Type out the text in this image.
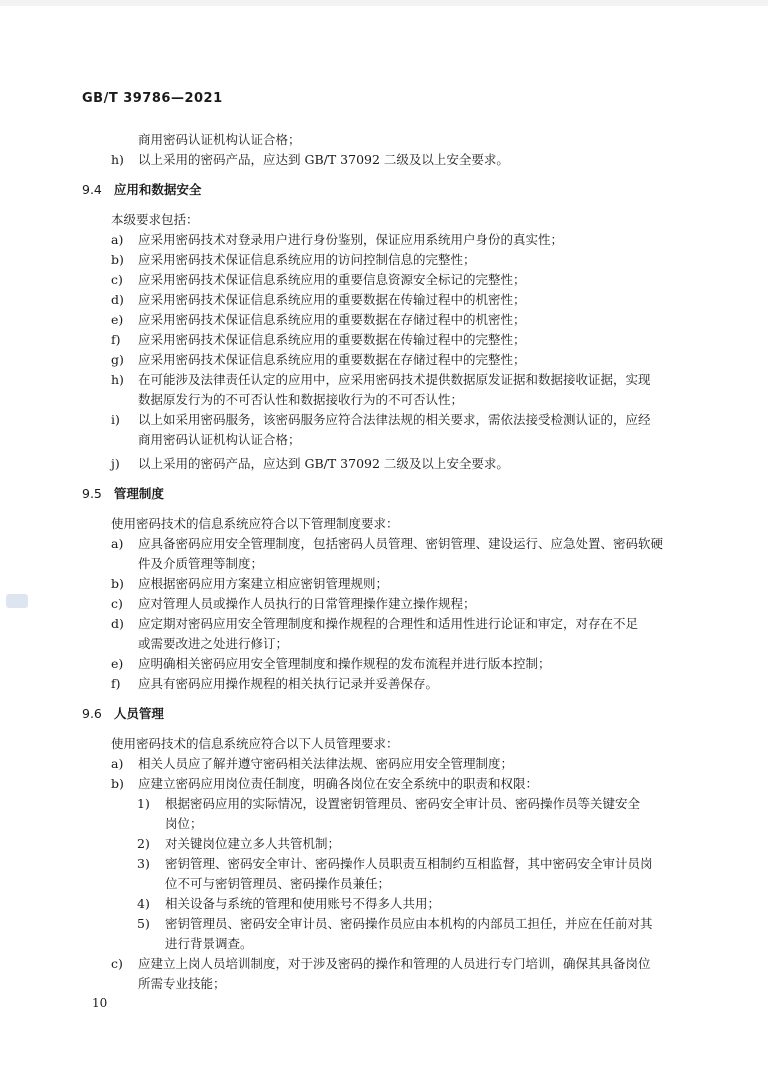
GB/T 39786—2021
商用密码认证机构认证合格；
h) 以上采用的密码产品，应达到 GB/T 37092 二级及以上安全要求。
9.4 应用和数据安全
本级要求包括：
a) 应采用密码技术对登录用户进行身份鉴别，保证应用系统用户身份的真实性；
b) 应采用密码技术保证信息系统应用的访问控制信息的完整性；
c) 应采用密码技术保证信息系统应用的重要信息资源安全标记的完整性；
d) 应采用密码技术保证信息系统应用的重要数据在传输过程中的机密性；
e) 应采用密码技术保证信息系统应用的重要数据在存储过程中的机密性；
f) 应采用密码技术保证信息系统应用的重要数据在传输过程中的完整性；
g) 应采用密码技术保证信息系统应用的重要数据在存储过程中的完整性；
h) 在可能涉及法律责任认定的应用中，应采用密码技术提供数据原发证据和数据接收证据，实现
数据原发行为的不可否认性和数据接收行为的不可否认性；
i) 以上如采用密码服务，该密码服务应符合法律法规的相关要求，需依法接受检测认证的，应经
商用密码认证机构认证合格；
j) 以上采用的密码产品，应达到 GB/T 37092 二级及以上安全要求。
9.5 管理制度
使用密码技术的信息系统应符合以下管理制度要求：
a) 应具备密码应用安全管理制度，包括密码人员管理、密钥管理、建设运行、应急处置、密码软硬
件及介质管理等制度；
b) 应根据密码应用方案建立相应密钥管理规则；
c) 应对管理人员或操作人员执行的日常管理操作建立操作规程；
d) 应定期对密码应用安全管理制度和操作规程的合理性和适用性进行论证和审定，对存在不足
或需要改进之处进行修订；
e) 应明确相关密码应用安全管理制度和操作规程的发布流程并进行版本控制；
f) 应具有密码应用操作规程的相关执行记录并妥善保存。
9.6 人员管理
使用密码技术的信息系统应符合以下人员管理要求：
a) 相关人员应了解并遵守密码相关法律法规、密码应用安全管理制度；
b) 应建立密码应用岗位责任制度，明确各岗位在安全系统中的职责和权限：
1) 根据密码应用的实际情况，设置密钥管理员、密码安全审计员、密码操作员等关键安全
岗位；
2) 对关键岗位建立多人共管机制；
3) 密钥管理、密码安全审计、密码操作人员职责互相制约互相监督，其中密码安全审计员岗
位不可与密钥管理员、密码操作员兼任；
4) 相关设备与系统的管理和使用账号不得多人共用；
5) 密钥管理员、密码安全审计员、密码操作员应由本机构的内部员工担任，并应在任前对其
进行背景调查。
c) 应建立上岗人员培训制度，对于涉及密码的操作和管理的人员进行专门培训，确保其具备岗位
所需专业技能；
10
